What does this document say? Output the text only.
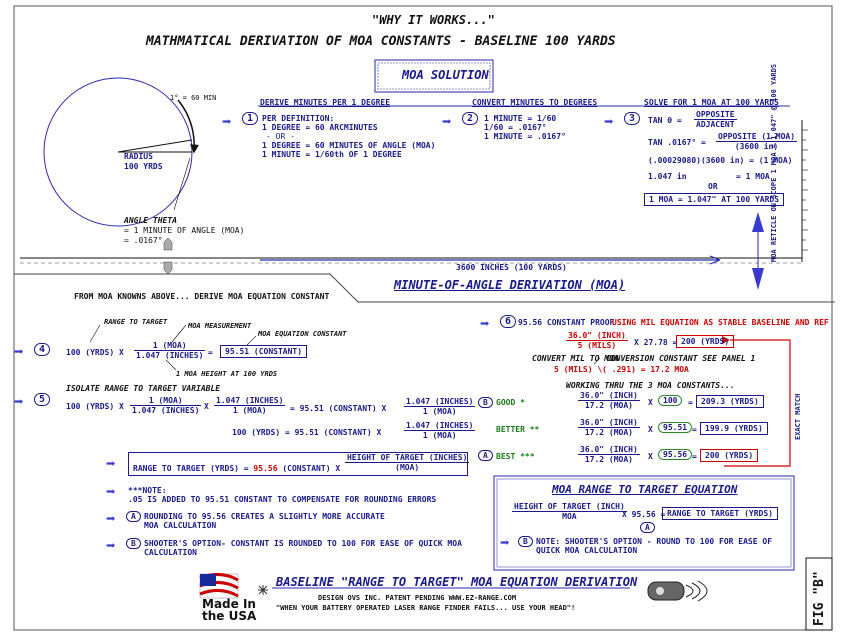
"WHY IT WORKS..."
MATHMATICAL DERIVATION OF MOA CONSTANTS - BASELINE 100 YARDS
MOA SOLUTION
1° = 60 MIN
RADIUS
100 YRDS
ANGLE THETA
= 1 MINUTE OF ANGLE (MOA)
= .0167°
3600 INCHES (100 YARDS)
MOA RETICLE ON SCOPE 1 MOA = 1.047" @ 100 YARDS
MINUTE-OF-ANGLE DERIVATION (MOA)
DERIVE MINUTES PER 1 DEGREE
➡	1	PER DEFINITION:
1 DEGREE = 60 ARCMINUTES
- OR -
1 DEGREE = 60 MINUTES OF ANGLE (MOA)
1 MINUTE = 1/60th OF 1 DEGREE
CONVERT MINUTES TO DEGREES
➡	2	1 MINUTE = 1/60
1/60 = .0167°
1 MINUTE = .0167°
SOLVE FOR 1 MOA AT 100 YARDS
➡	3	TAN θ =
OPPOSITE
ADJACENT
TAN .0167° =
OPPOSITE (1 MOA)
(3600 in)
(.00029080)(3600 in) = (1 MOA)
1.047 in	= 1 MOA
OR
1 MOA = 1.047" AT 100 YARDS
FROM MOA KNOWNS ABOVE... DERIVE MOA EQUATION CONSTANT
RANGE TO TARGET	MOA MEASUREMENT
MOA EQUATION CONSTANT
➡	4	100 (YRDS) X
1 (MOA)
1.047 (INCHES) =	95.51 (CONSTANT)
1 MOA HEIGHT AT 100 YRDS
ISOLATE RANGE TO TARGET VARIABLE
➡	5
100 (YRDS) X
1 (MOA)
1.047 (INCHES) X
1.047 (INCHES)
1 (MOA)	= 95.51 (CONSTANT) X
1.047 (INCHES)
1 (MOA)
100 (YRDS) = 95.51 (CONSTANT) X
1.047 (INCHES)
1 (MOA)
➡	RANGE TO TARGET (YRDS) = 95.56 (CONSTANT) X $\frac{\text{HEIGHT OF TARGET (INCHES)}}{\text{(MOA)}}$
➡ ***NOTE:
.05 IS ADDED TO 95.51 CONSTANT TO COMPENSATE FOR ROUNDING ERRORS
➡	A	ROUNDING TO 95.56 CREATES A SLIGHTLY MORE ACCURATE
MOA CALCULATION
➡	B	SHOOTER'S OPTION- CONSTANT IS ROUNDED TO 100 FOR EASE OF QUICK MOA
CALCULATION
➡	6 95.56 CONSTANT PROOF
USING MIL EQUATION AS STABLE BASELINE AND REF
36.0" (INCH)
5 (MILS)	X 27.78 = 200 (YRDS)
CONVERT MIL TO MOA
CONVERSION CONSTANT SEE PANEL 1
5 (MILS) \( .291) = 17.2 MOA
WORKING THRU THE 3 MOA CONSTANTS...
B	GOOD *
36.0" (INCH)
17.2 (MOA)	X	100	=	209.3 (YRDS)
BETTER **
36.0" (INCH)
17.2 (MOA)	X	95.51 =	199.9 (YRDS)
A	BEST ***
36.0" (INCH)
17.2 (MOA)	X	95.56 =	200 (YRDS)
EXACT MATCH
MOA RANGE TO TARGET EQUATION
HEIGHT OF TARGET (INCH)
MOA	X 95.56 = RANGE TO TARGET (YRDS)
A
➡	B	NOTE: SHOOTER'S OPTION - ROUND TO 100 FOR EASE OF
QUICK MOA CALCULATION
BASELINE "RANGE TO TARGET" MOA EQUATION DERIVATION
DESIGN OVS INC. PATENT PENDING WWW.EZ-RANGE.COM
"WHEN YOUR BATTERY OPERATED LASER RANGE FINDER FAILS... USE YOUR HEAD"!
Made In
the USA	FIG "B"
